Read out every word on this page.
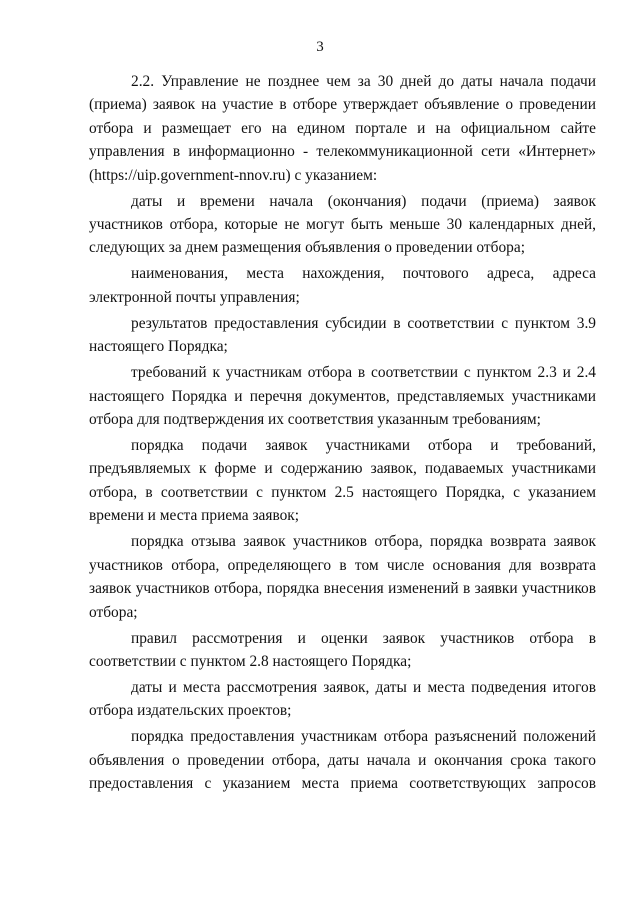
3

2.2. Управление не позднее чем за 30 дней до даты начала подачи (приема) заявок на участие в отборе утверждает объявление о проведении отбора и размещает его на едином портале и на официальном сайте управления в информационно - телекоммуникационной сети «Интернет» (https://uip.government-nnov.ru) с указанием:

даты и времени начала (окончания) подачи (приема) заявок участников отбора, которые не могут быть меньше 30 календарных дней, следующих за днем размещения объявления о проведении отбора;

наименования, места нахождения, почтового адреса, адреса электронной почты управления;

результатов предоставления субсидии в соответствии с пунктом 3.9 настоящего Порядка;

требований к участникам отбора в соответствии с пунктом 2.3 и 2.4 настоящего Порядка и перечня документов, представляемых участниками отбора для подтверждения их соответствия указанным требованиям;

порядка подачи заявок участниками отбора и требований, предъявляемых к форме и содержанию заявок, подаваемых участниками отбора, в соответствии с пунктом 2.5 настоящего Порядка, с указанием времени и места приема заявок;

порядка отзыва заявок участников отбора, порядка возврата заявок участников отбора, определяющего в том числе основания для возврата заявок участников отбора, порядка внесения изменений в заявки участников отбора;

правил рассмотрения и оценки заявок участников отбора в соответствии с пунктом 2.8 настоящего Порядка;

даты и места рассмотрения заявок, даты и места подведения итогов отбора издательских проектов;

порядка предоставления участникам отбора разъяснений положений объявления о проведении отбора, даты начала и окончания срока такого предоставления с указанием места приема соответствующих запросов
